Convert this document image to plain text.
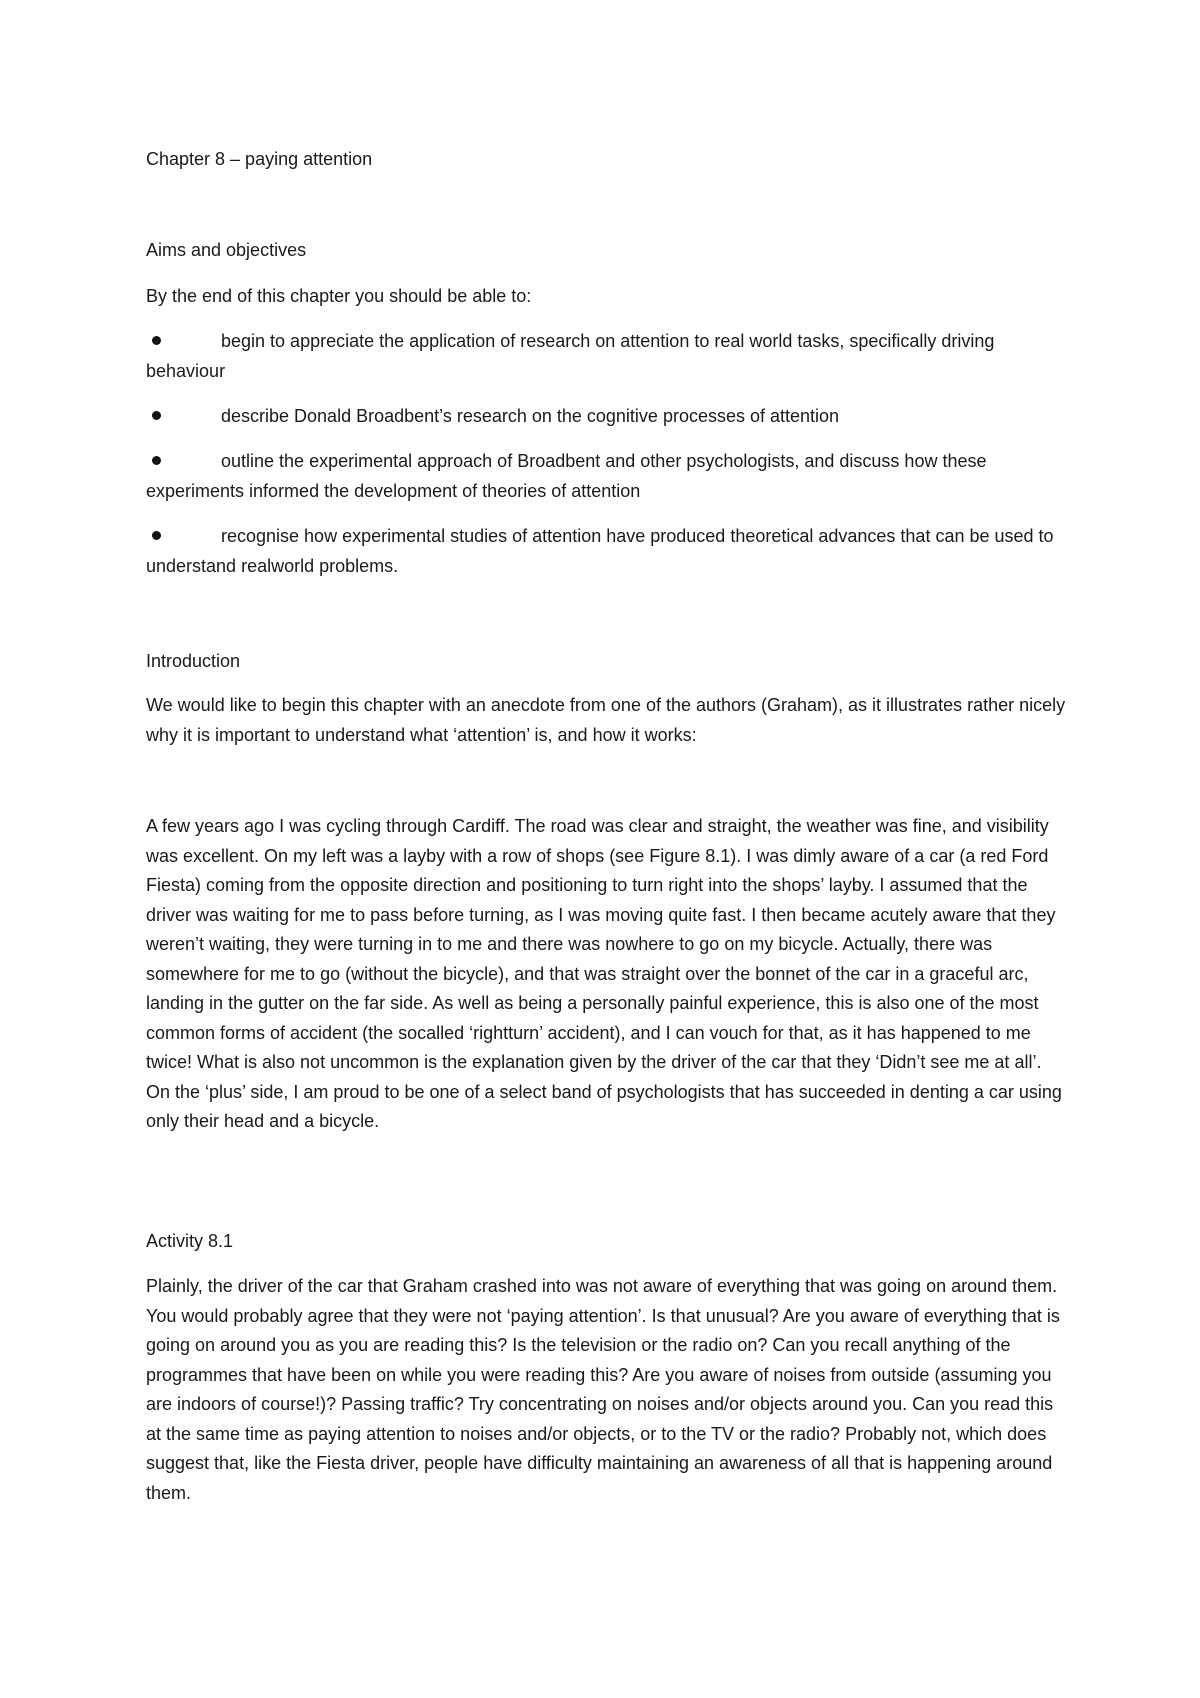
Chapter 8 – paying attention

Aims and objectives

By the end of this chapter you should be able to:

begin to appreciate the application of research on attention to real world tasks, specifically driving behaviour
describe Donald Broadbent’s research on the cognitive processes of attention
outline the experimental approach of Broadbent and other psychologists, and discuss how these experiments informed the development of theories of attention
recognise how experimental studies of attention have produced theoretical advances that can be used to understand realworld problems.

Introduction

We would like to begin this chapter with an anecdote from one of the authors (Graham), as it illustrates rather nicely why it is important to understand what ‘attention’ is, and how it works:

A few years ago I was cycling through Cardiff. The road was clear and straight, the weather was fine, and visibility was excellent. On my left was a layby with a row of shops (see Figure 8.1). I was dimly aware of a car (a red Ford Fiesta) coming from the opposite direction and positioning to turn right into the shops’ layby. I assumed that the driver was waiting for me to pass before turning, as I was moving quite fast. I then became acutely aware that they weren’t waiting, they were turning in to me and there was nowhere to go on my bicycle. Actually, there was somewhere for me to go (without the bicycle), and that was straight over the bonnet of the car in a graceful arc, landing in the gutter on the far side. As well as being a personally painful experience, this is also one of the most common forms of accident (the socalled ‘rightturn’ accident), and I can vouch for that, as it has happened to me twice! What is also not uncommon is the explanation given by the driver of the car that they ‘Didn’t see me at all’. On the ‘plus’ side, I am proud to be one of a select band of psychologists that has succeeded in denting a car using only their head and a bicycle.

Activity 8.1

Plainly, the driver of the car that Graham crashed into was not aware of everything that was going on around them. You would probably agree that they were not ‘paying attention’. Is that unusual? Are you aware of everything that is going on around you as you are reading this? Is the television or the radio on? Can you recall anything of the programmes that have been on while you were reading this? Are you aware of noises from outside (assuming you are indoors of course!)? Passing traffic? Try concentrating on noises and/or objects around you. Can you read this at the same time as paying attention to noises and/or objects, or to the TV or the radio? Probably not, which does suggest that, like the Fiesta driver, people have difficulty maintaining an awareness of all that is happening around them.
